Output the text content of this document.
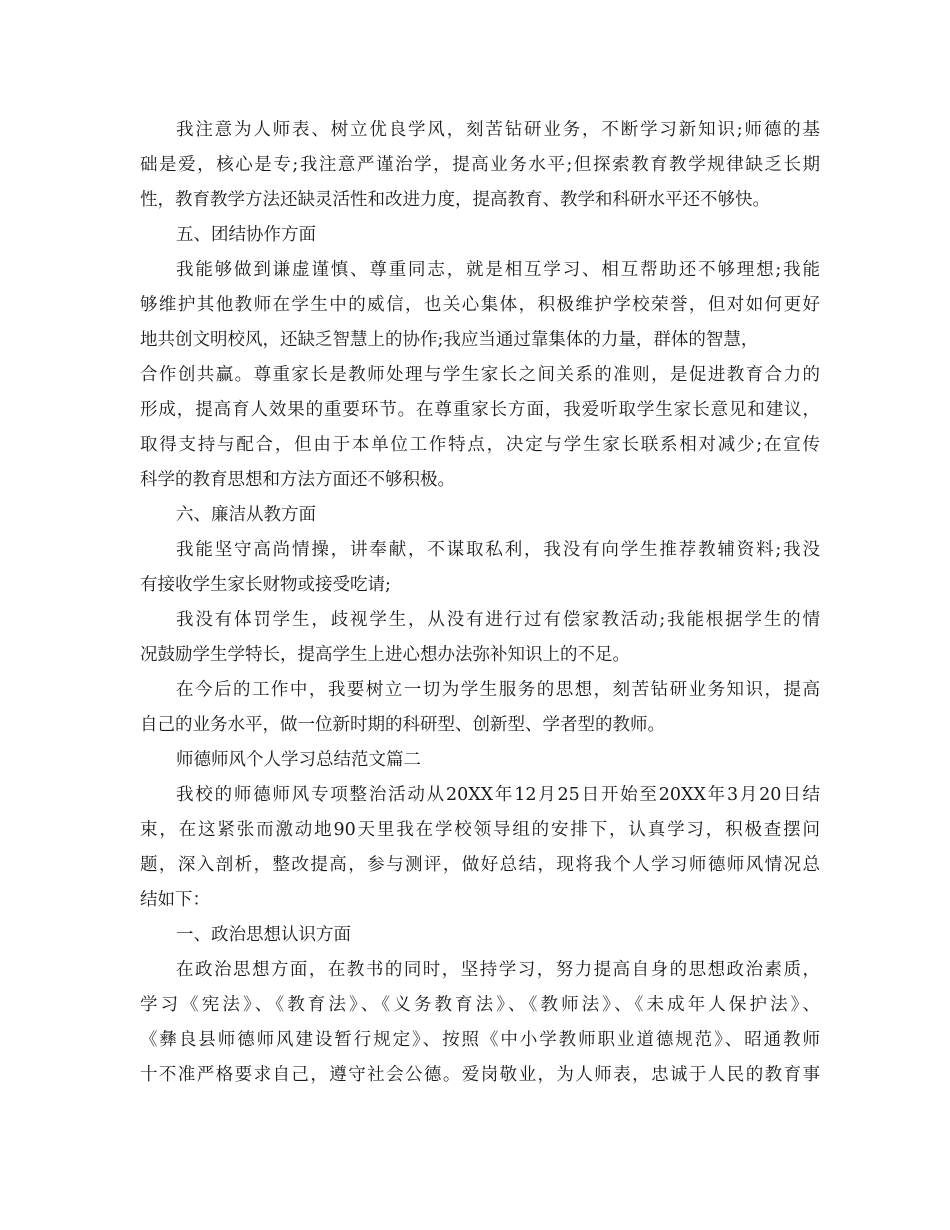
我注意为人师表、树立优良学风，刻苦钻研业务，不断学习新知识;师德的基
础是爱，核心是专;我注意严谨治学，提高业务水平;但探索教育教学规律缺乏长期
性，教育教学方法还缺灵活性和改进力度，提高教育、教学和科研水平还不够快。
五、团结协作方面
我能够做到谦虚谨慎、尊重同志，就是相互学习、相互帮助还不够理想;我能
够维护其他教师在学生中的威信，也关心集体，积极维护学校荣誉，但对如何更好
地共创文明校风，还缺乏智慧上的协作;我应当通过靠集体的力量，群体的智慧，
合作创共赢。尊重家长是教师处理与学生家长之间关系的准则，是促进教育合力的
形成，提高育人效果的重要环节。在尊重家长方面，我爱听取学生家长意见和建议，
取得支持与配合，但由于本单位工作特点，决定与学生家长联系相对减少;在宣传
科学的教育思想和方法方面还不够积极。
六、廉洁从教方面
我能坚守高尚情操，讲奉献，不谋取私利，我没有向学生推荐教辅资料;我没
有接收学生家长财物或接受吃请;
我没有体罚学生，歧视学生，从没有进行过有偿家教活动;我能根据学生的情
况鼓励学生学特长，提高学生上进心想办法弥补知识上的不足。
在今后的工作中，我要树立一切为学生服务的思想，刻苦钻研业务知识，提高
自己的业务水平，做一位新时期的科研型、创新型、学者型的教师。
师德师风个人学习总结范文篇二
我校的师德师风专项整治活动从20XX年12月25日开始至20XX年3月20日结
束，在这紧张而激动地90天里我在学校领导组的安排下，认真学习，积极查摆问
题，深入剖析，整改提高，参与测评，做好总结，现将我个人学习师德师风情况总
结如下：
一、政治思想认识方面
在政治思想方面，在教书的同时，坚持学习，努力提高自身的思想政治素质，
学习《宪法》、《教育法》、《义务教育法》、《教师法》、《未成年人保护法》、
《彝良县师德师风建设暂行规定》、按照《中小学教师职业道德规范》、昭通教师
十不准严格要求自己，遵守社会公德。爱岗敬业，为人师表，忠诚于人民的教育事
